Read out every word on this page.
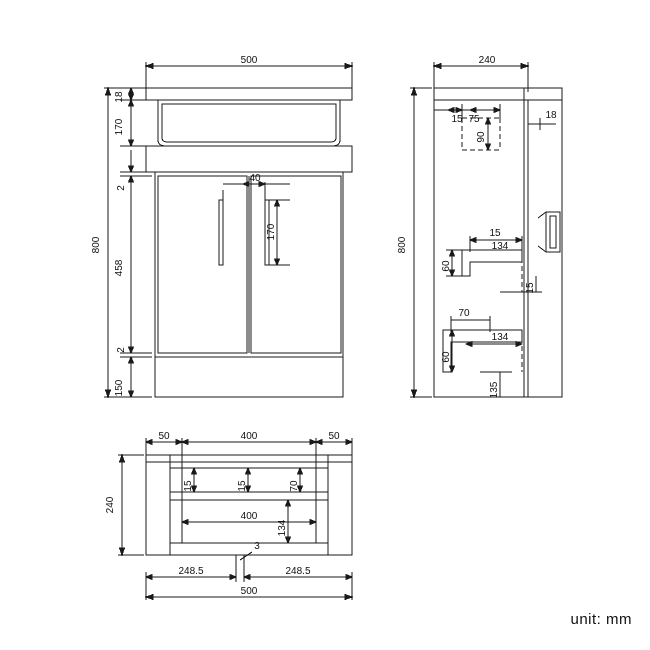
500
18
170
2
458
2
150
800
40
170
240
800
15 75	18
90
15
134
60
15
70
60
134
135
50	400	50
240
15	15	70
400
134
248.5
3
248.5
500
unit: mm
